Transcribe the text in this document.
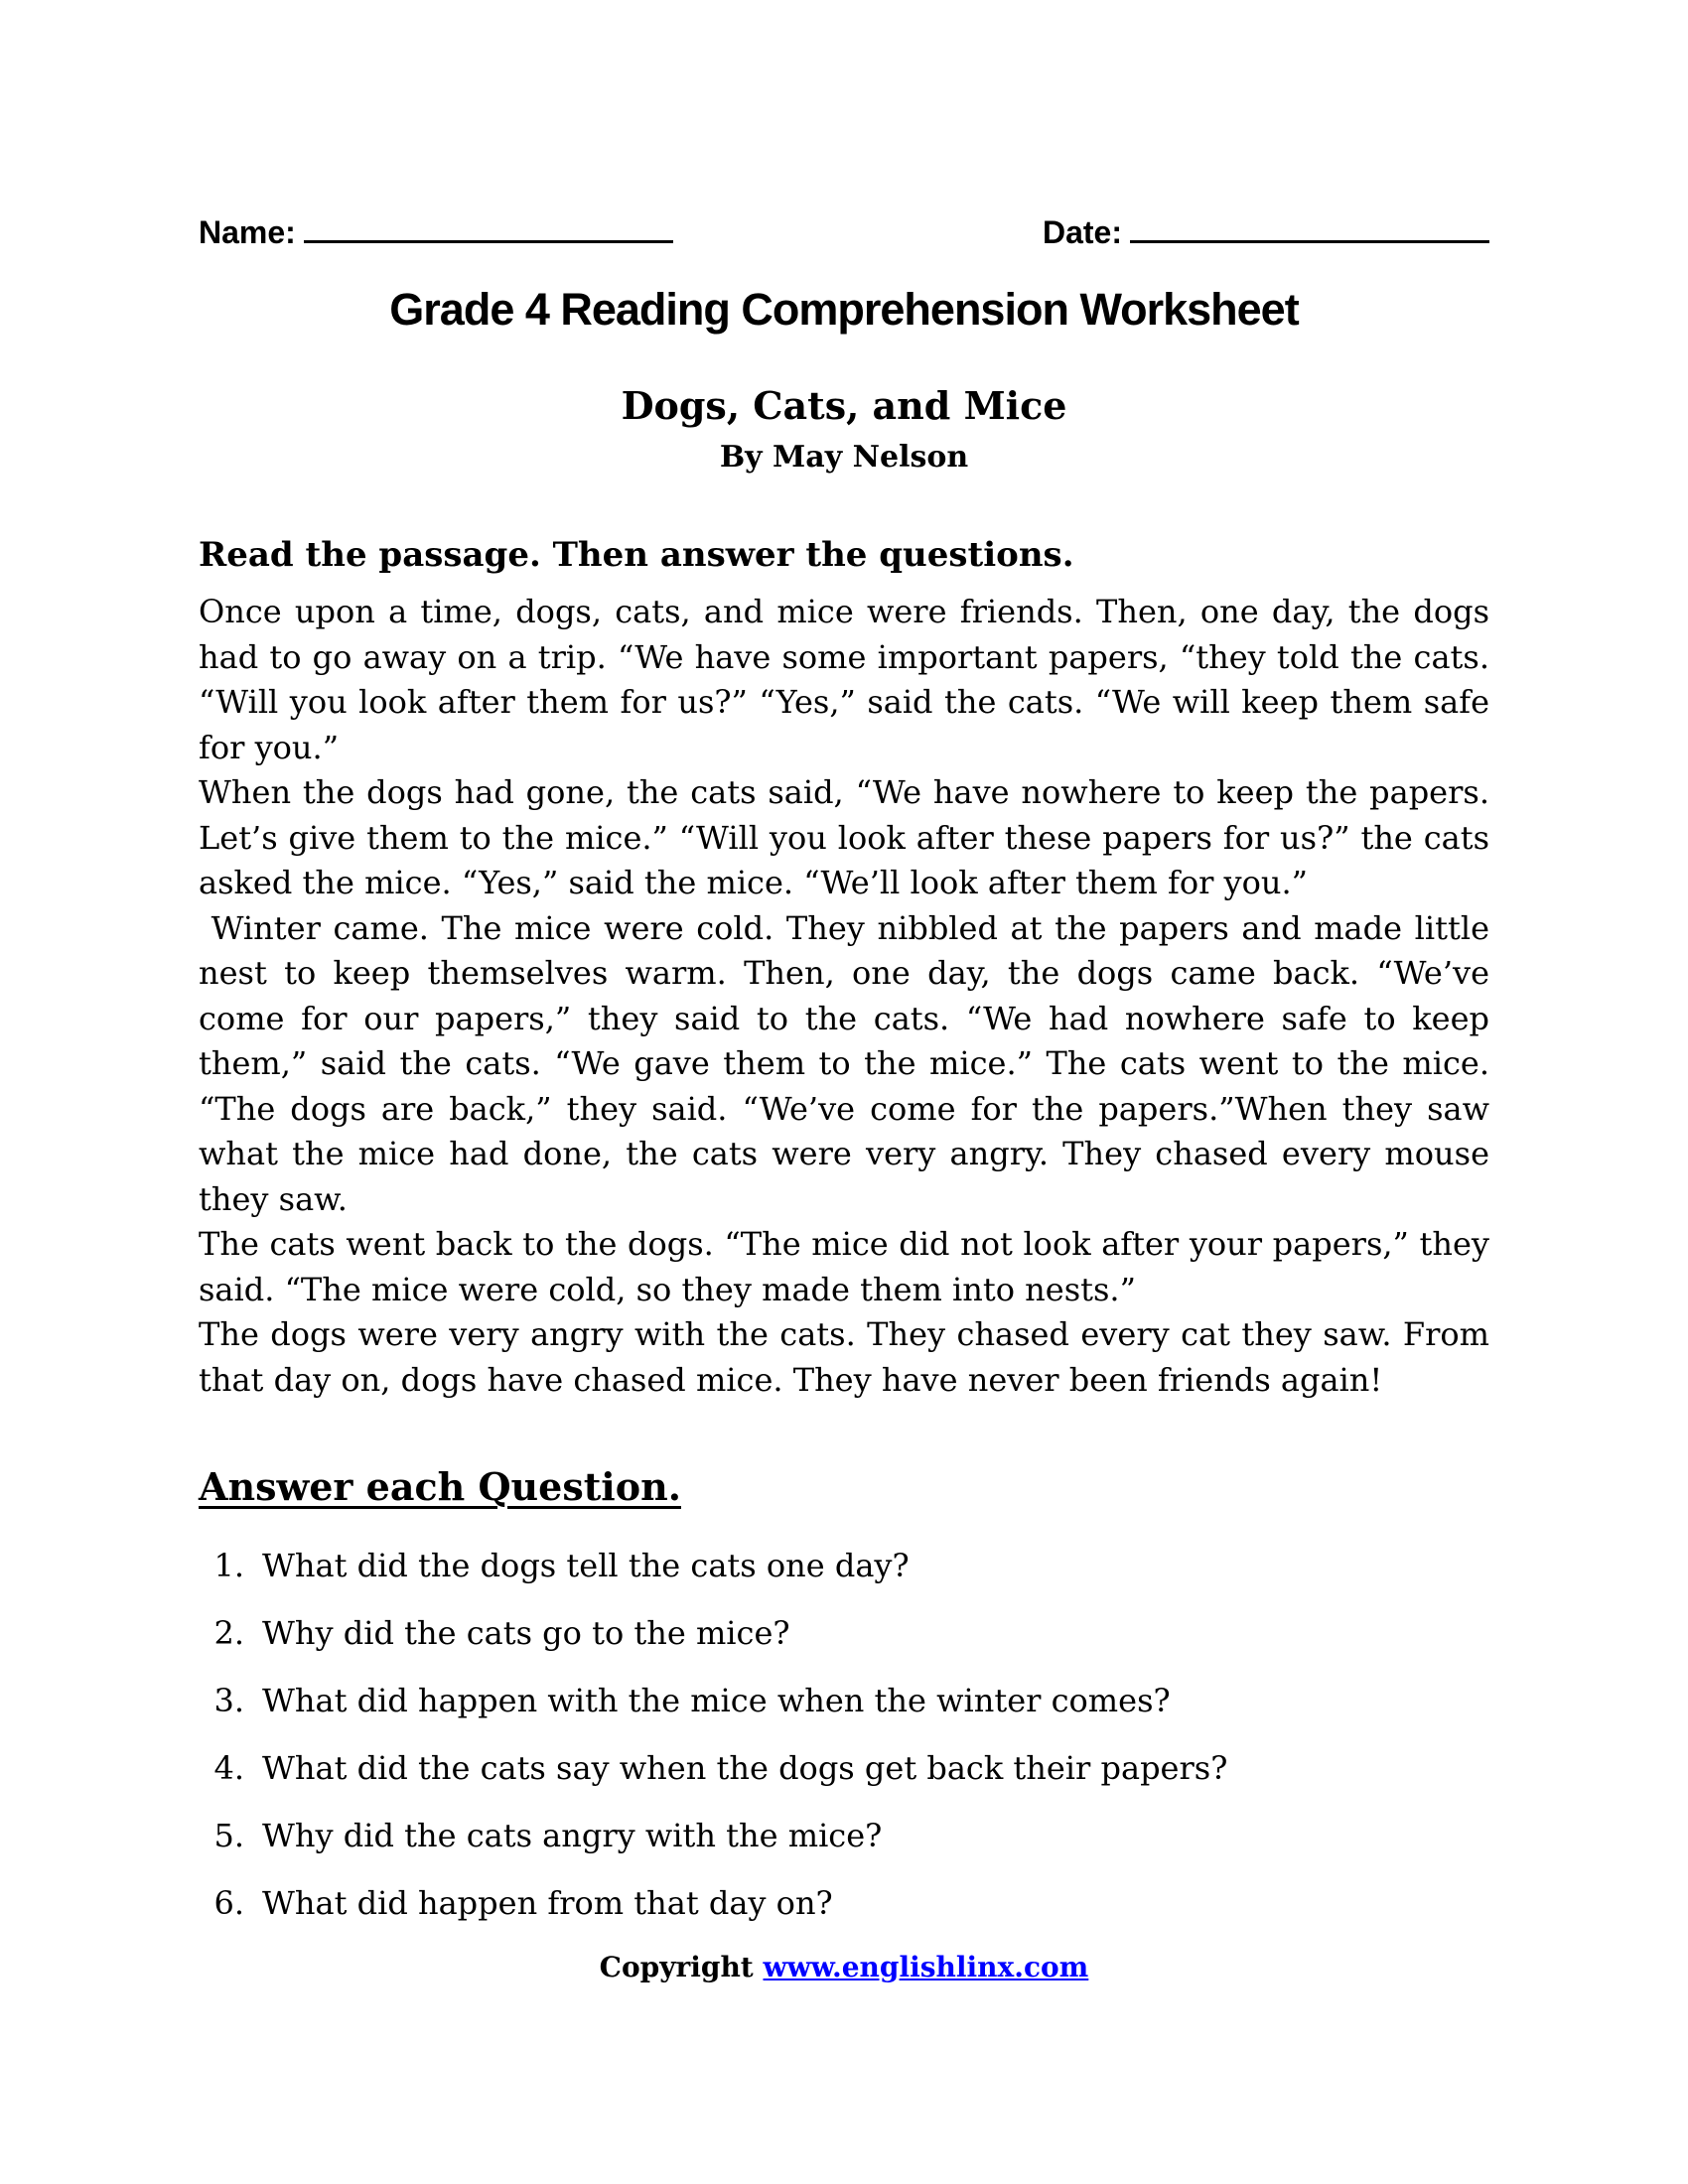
Name:	Date:
Grade 4 Reading Comprehension Worksheet
Dogs, Cats, and Mice
By May Nelson
Read the passage. Then answer the questions.

Once upon a time, dogs, cats, and mice were friends. Then, one day, the dogs had to go away on a trip. “We have some important papers, “they told the cats. “Will you look after them for us?” “Yes,” said the cats. “We will keep them safe for you.”

When the dogs had gone, the cats said, “We have nowhere to keep the papers. Let’s give them to the mice.” “Will you look after these papers for us?” the cats asked the mice. “Yes,” said the mice. “We’ll look after them for you.”

Winter came. The mice were cold. They nibbled at the papers and made little nest to keep themselves warm. Then, one day, the dogs came back. “We’ve come for our papers,” they said to the cats. “We had nowhere safe to keep them,” said the cats. “We gave them to the mice.” The cats went to the mice. “The dogs are back,” they said. “We’ve come for the papers.”When they saw what the mice had done, the cats were very angry. They chased every mouse they saw.

The cats went back to the dogs. “The mice did not look after your papers,” they said. “The mice were cold, so they made them into nests.”

The dogs were very angry with the cats. They chased every cat they saw. From that day on, dogs have chased mice. They have never been friends again!

Answer each Question.
1. What did the dogs tell the cats one day?
2. Why did the cats go to the mice?
3. What did happen with the mice when the winter comes?
4. What did the cats say when the dogs get back their papers?
5. Why did the cats angry with the mice?
6. What did happen from that day on?
Copyright www.englishlinx.com
